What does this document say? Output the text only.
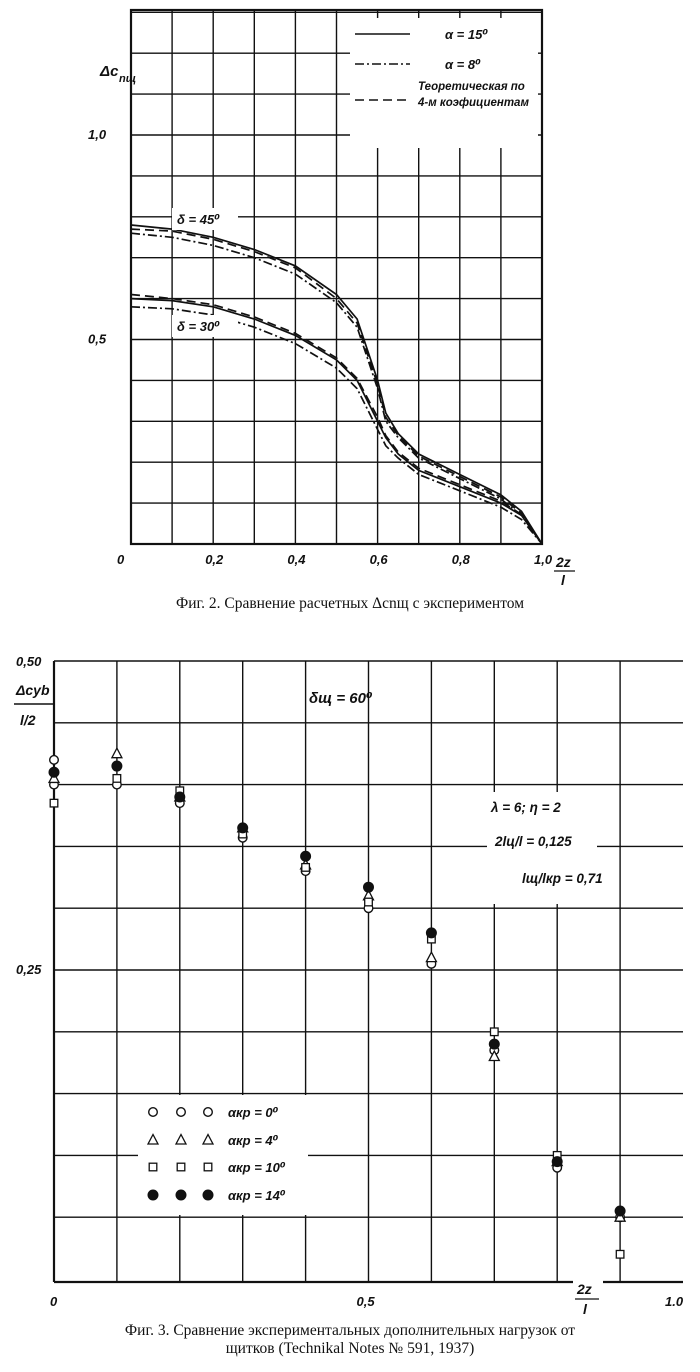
0	0,2	0,4	0,6	0,8	1,0
0,5
1,0
Δc nщ
2z
l
α = 15⁰
α = 8⁰
Теоретическая по
4-м коэфициентам
δ = 45⁰
δ = 30⁰
0	0,5	1.0
0,25
0,50
Δcyb
l/2
2z
l
δщ = 60⁰
λ = 6; η = 2
2lц/l = 0,125
lщ/lкр = 0,71
αкр = 0⁰
αкр = 4⁰
αкр = 10⁰
αкр = 14⁰
Фиг. 2. Сравнение расчетных Δcnщ с экспериментом
Фиг. 3. Сравнение экспериментальных дополнительных нагрузок от
щитков (Technikal Notes № 591, 1937)
